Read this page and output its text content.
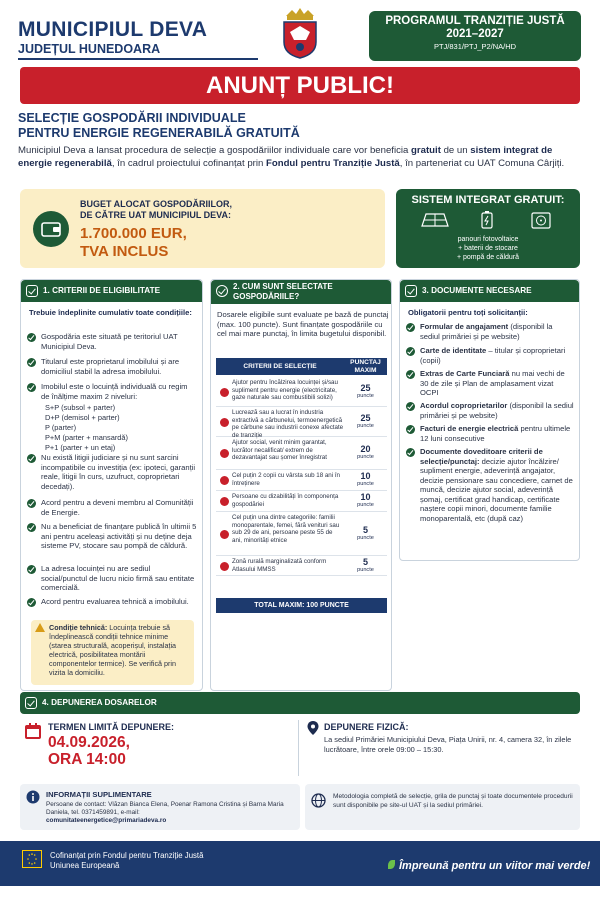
MUNICIPIUL DEVA
JUDEȚUL HUNEDOARA
PROGRAMUL TRANZIȚIE JUSTĂ
2021–2027
PTJ/831/PTJ_P2/NA/HD
ANUNȚ PUBLIC!
SELECȚIE GOSPODĂRII INDIVIDUALE
PENTRU ENERGIE REGENERABILĂ GRATUITĂ
Municipiul Deva a lansat procedura de selecție a gospodăriilor individuale care vor beneficia gratuit de un sistem integrat de energie regenerabilă, în cadrul proiectului cofinanțat prin Fondul pentru Tranziție Justă, în parteneriat cu UAT Comuna Cârjiți.
BUGET ALOCAT GOSPODĂRIILOR,
DE CĂTRE UAT MUNICIPIUL DEVA:
1.700.000 EUR,
TVA INCLUS
SISTEM INTEGRAT GRATUIT:
panouri fotovoltaice
+ baterii de stocare
+ pompă de căldură
1. CRITERII DE ELIGIBILITATE
Trebuie îndeplinite cumulativ toate condițiile:
Gospodăria este situată pe teritoriul UAT Municipiul Deva.
Titularul este proprietarul imobilului și are domiciliul stabil la adresa imobilului.
Imobilul este o locuință individuală cu regim de înălțime maxim 2 niveluri:
S+P (subsol + parter)
D+P (demisol + parter)
P (parter)
P+M (parter + mansardă)
P+1 (parter + un etaj)
Nu există litigii judiciare și nu sunt sarcini incompatibile cu investiția (ex: ipoteci, garanții reale, litigii în curs, uzufruct, coproprietari decedați).
Acord pentru a deveni membru al Comunității de Energie.
Nu a beneficiat de finanțare publică în ultimii 5 ani pentru aceleași activități și nu deține deja sisteme PV, stocare sau pompă de căldură.
La adresa locuinței nu are sediul social/punctul de lucru nicio firmă sau entitate comercială.
Acord pentru evaluarea tehnică a imobilului.
Condiție tehnică: Locuința trebuie să îndeplinească condiții tehnice minime (starea structurală, acoperișul, instalația electrică, posibilitatea montării componentelor termice). Se verifică prin vizita la domiciliu.
2. CUM SUNT SELECTATE
GOSPODĂRIILE?
Dosarele eligibile sunt evaluate pe bază de punctaj (max. 100 puncte). Sunt finanțate gospodăriile cu cel mai mare punctaj, în limita bugetului disponibil.
CRITERII DE SELECȚIE
PUNCTAJ
MAXIM
TOTAL MAXIM: 100 PUNCTE
Ajutor pentru încălzirea locuinței și/sau supliment pentru energie (electricitate, gaze naturale sau combustibili solizi)
25
puncte
Lucrează sau a lucrat în industria extractivă a cărbunelui, termoenergetică pe cărbune sau industrii conexe afectate de tranziție
25
puncte
Ajutor social, venit minim garantat, lucrător necalificat/ extrem de dezavantajat sau șomer înregistrat
20
puncte
Cel puțin 2 copii cu vârsta sub 18 ani în întreținere
10
puncte
Persoane cu dizabilități în componența gospodăriei
10
puncte
Cel puțin una dintre categoriile: familii monoparentale, femei, fără venituri sau sub 29 de ani, persoane peste 55 de ani, minorități etnice
5
puncte
Zonă rurală marginalizată conform Atlasului MMSS
5
puncte
3. DOCUMENTE NECESARE
Obligatorii pentru toți solicitanții:
Formular de angajament (disponibil la sediul primăriei și pe website)
Carte de identitate – titular și coproprietari (copii)
Extras de Carte Funciară nu mai vechi de 30 de zile și Plan de amplasament vizat OCPI
Acordul coproprietarilor (disponibil la sediul primăriei și pe website)
Facturi de energie electrică pentru ultimele 12 luni consecutive
Documente doveditoare criterii de selecție/punctaj: decizie ajutor încălzire/ supliment energie, adeverință angajator, decizie pensionare sau concediere, carnet de muncă, decizie ajutor social, adeverință șomaj, certificat grad handicap, certificate naștere copii minori, documente familie monoparentală, etc (după caz)
4. DEPUNEREA DOSARELOR
TERMEN LIMITĂ DEPUNERE:
04.09.2026,
ORA 14:00
DEPUNERE FIZICĂ:
La sediul Primăriei Municipiului Deva, Piața Unirii, nr. 4, camera 32, în zilele lucrătoare, între orele 09:00 – 15:30.
INFORMAȚII SUPLIMENTARE
Persoane de contact: Vlăzan Bianca Elena, Poenar Ramona Cristina și Barna Maria
Daniela, tel. 0371459891, e-mail:
comunitateenergetice@primariadeva.ro
Metodologia completă de selecție, grila de punctaj și toate documentele procedurii sunt disponibile pe site-ul UAT și la sediul primăriei.
Cofinanțat prin Fondul pentru Tranziție Justă
Uniunea Europeană	Împreună pentru un viitor mai verde!
